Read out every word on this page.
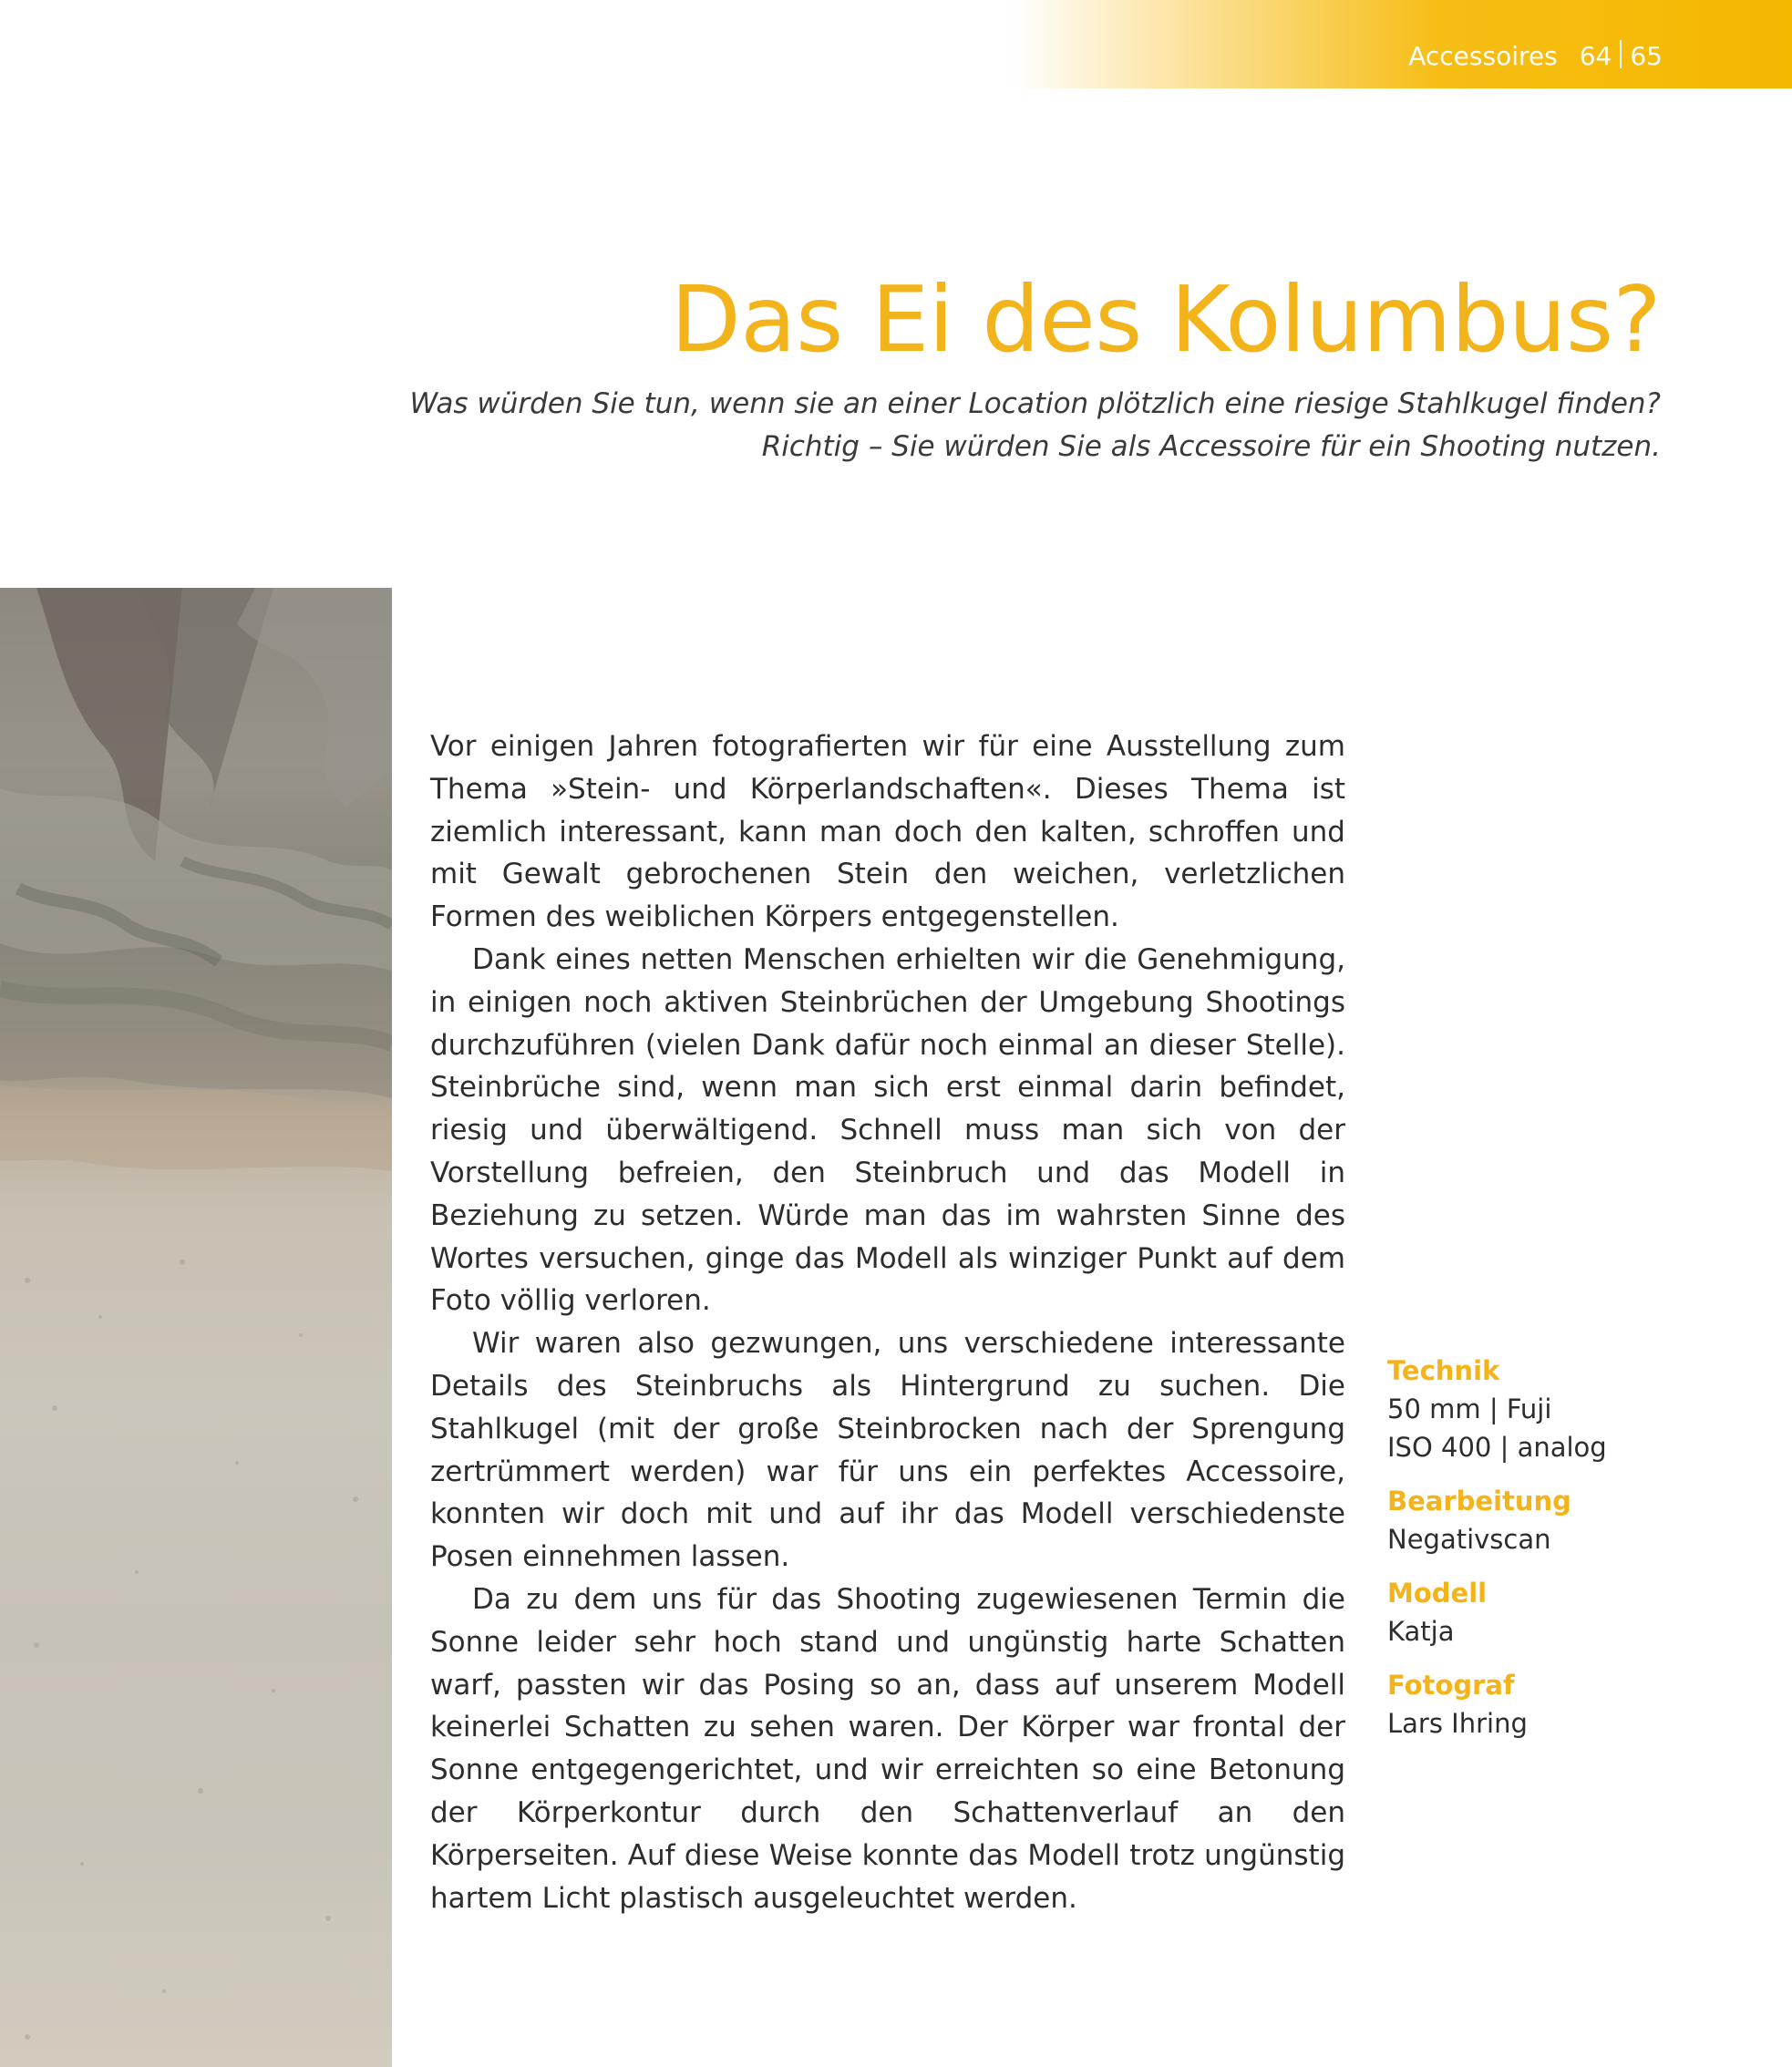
Accessoires 64 65
Das Ei des Kolumbus?
Was würden Sie tun, wenn sie an einer Location plötzlich eine riesige Stahlkugel finden?
Richtig – Sie würden Sie als Accessoire für ein Shooting nutzen.

Vor einigen Jahren fotografierten wir für eine Ausstellung zum Thema »Stein- und Körperlandschaften«. Dieses Thema ist ziemlich interessant, kann man doch den kalten, schroffen und mit Gewalt gebrochenen Stein den weichen, verletzlichen Formen des weiblichen Körpers entgegenstellen.

Dank eines netten Menschen erhielten wir die Genehmigung, in einigen noch aktiven Steinbrüchen der Umgebung Shootings durchzuführen (vielen Dank dafür noch einmal an dieser Stelle). Steinbrüche sind, wenn man sich erst einmal darin befindet, riesig und überwältigend. Schnell muss man sich von der Vorstellung befreien, den Steinbruch und das Modell in Beziehung zu setzen. Würde man das im wahrsten Sinne des Wortes versuchen, ginge das Modell als winziger Punkt auf dem Foto völlig verloren.

Wir waren also gezwungen, uns verschiedene interessante Details des Steinbruchs als Hintergrund zu suchen. Die Stahlkugel (mit der große Steinbrocken nach der Sprengung zertrümmert werden) war für uns ein perfektes Accessoire, konnten wir doch mit und auf ihr das Modell verschiedenste Posen einnehmen lassen.

Da zu dem uns für das Shooting zugewiesenen Termin die Sonne leider sehr hoch stand und ungünstig harte Schatten warf, passten wir das Posing so an, dass auf unserem Modell keinerlei Schatten zu sehen waren. Der Körper war frontal der Sonne entgegengerichtet, und wir erreichten so eine Betonung der Körperkontur durch den Schattenverlauf an den Körperseiten. Auf diese Weise konnte das Modell trotz ungünstig hartem Licht plastisch ausgeleuchtet werden.

Technik
50 mm | Fuji
ISO 400 | analog
Bearbeitung
Negativscan
Modell
Katja
Fotograf
Lars Ihring
